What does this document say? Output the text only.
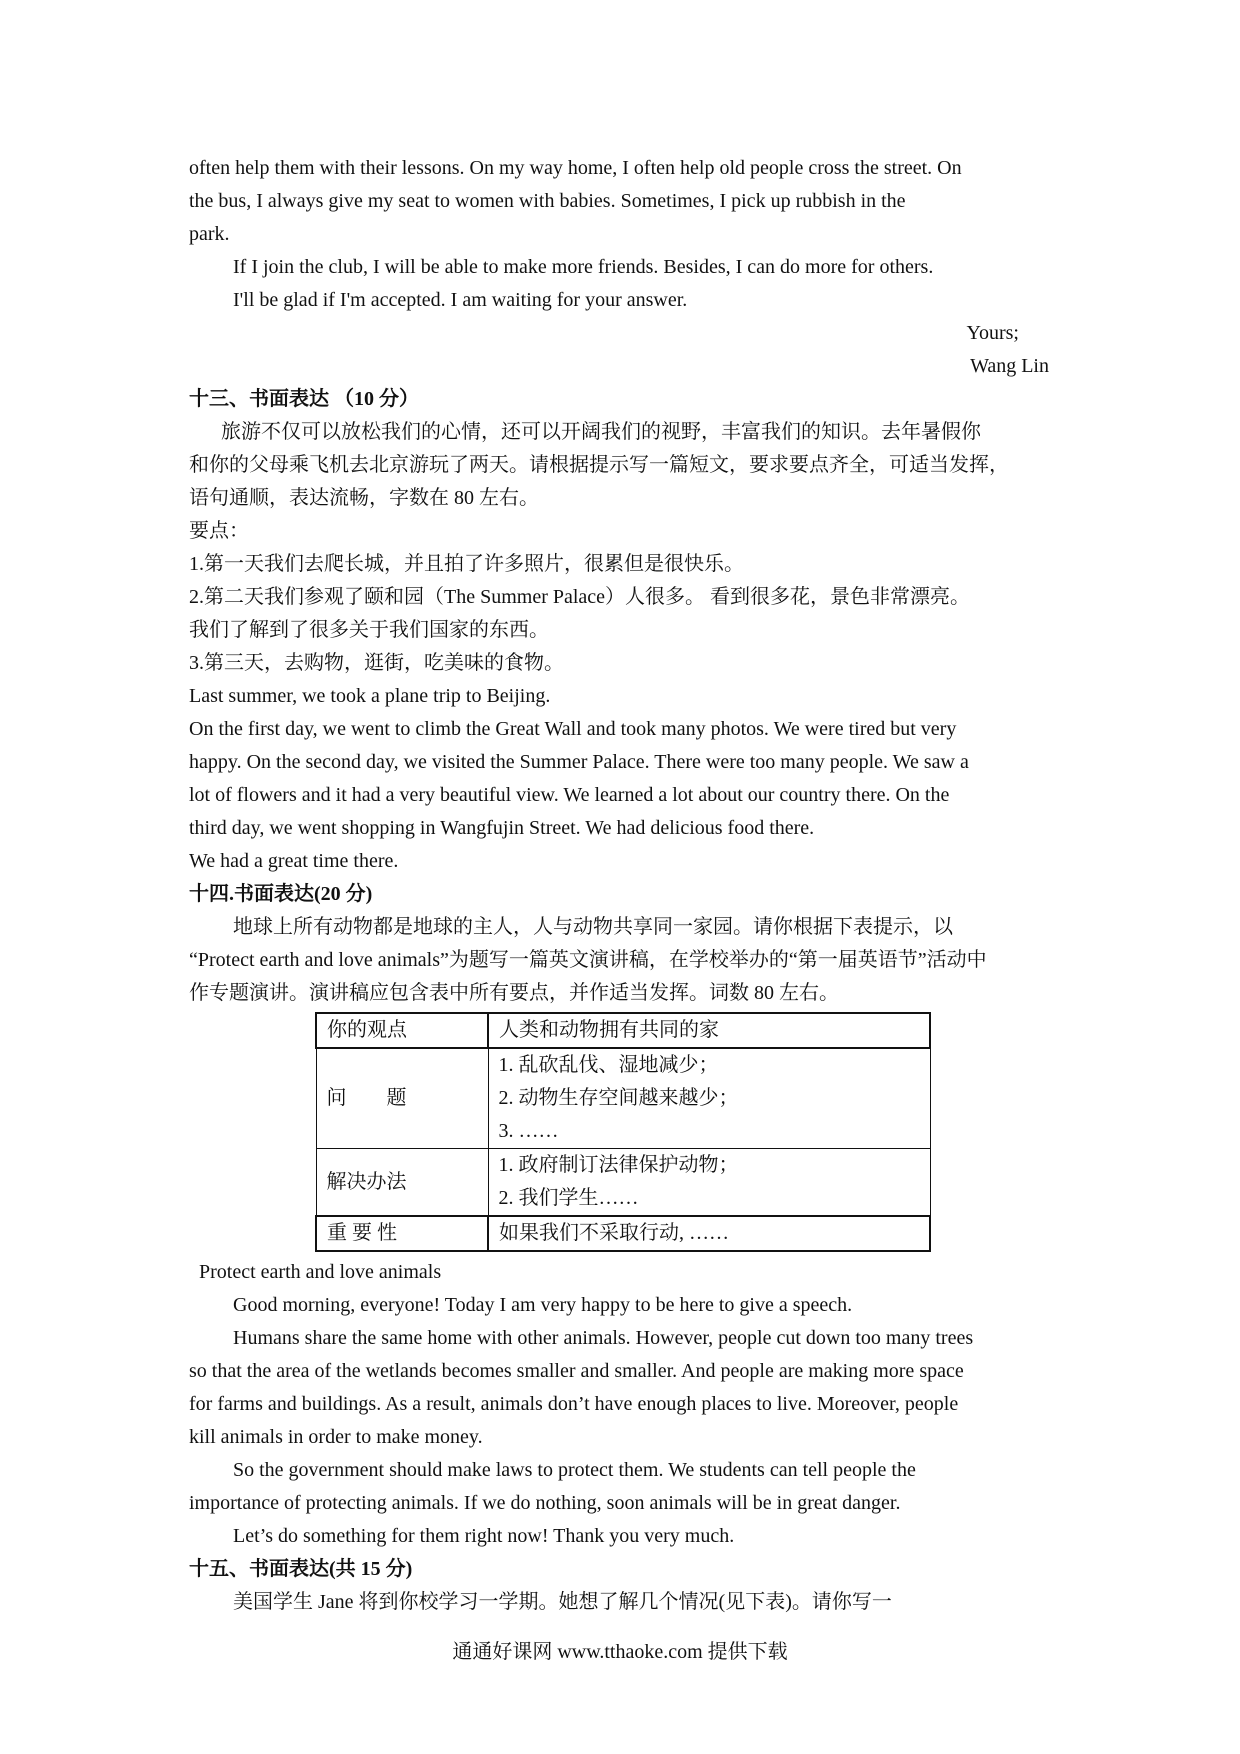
often help them with their lessons. On my way home, I often help old people cross the street. On

the bus, I always give my seat to women with babies. Sometimes, I pick up rubbish in the

park.

If I join the club, I will be able to make more friends. Besides, I can do more for others.

I'll be glad if I'm accepted. I am waiting for your answer.

Yours;

Wang Lin

十三、书面表达 （10 分）

旅游不仅可以放松我们的心情，还可以开阔我们的视野，丰富我们的知识。去年暑假你

和你的父母乘飞机去北京游玩了两天。请根据提示写一篇短文，要求要点齐全，可适当发挥，

语句通顺，表达流畅，字数在 80 左右。

要点：

1.第一天我们去爬长城，并且拍了许多照片，很累但是很快乐。

2.第二天我们参观了颐和园（The Summer Palace）人很多。 看到很多花，景色非常漂亮。

我们了解到了很多关于我们国家的东西。

3.第三天，去购物，逛街，吃美味的食物。

Last summer, we took a plane trip to Beijing.

On the first day, we went to climb the Great Wall and took many photos. We were tired but very

happy. On the second day, we visited the Summer Palace. There were too many people. We saw a

lot of flowers and it had a very beautiful view. We learned a lot about our country there. On the

third day, we went shopping in Wangfujin Street. We had delicious food there.

We had a great time there.

十四.书面表达(20 分)

地球上所有动物都是地球的主人，人与动物共享同一家园。请你根据下表提示，以

“Protect earth and love animals”为题写一篇英文演讲稿，在学校举办的“第一届英语节”活动中

作专题演讲。演讲稿应包含表中所有要点，并作适当发挥。词数 80 左右。

你的观点	人类和动物拥有共同的家
问　　题	1. 乱砍乱伐、湿地减少；
2. 动物生存空间越来越少；
3. ……

解决办法	1. 政府制订法律保护动物；
2. 我们学生……

重 要 性	如果我们不采取行动, ……

Protect earth and love animals

Good morning, everyone! Today I am very happy to be here to give a speech.

Humans share the same home with other animals. However, people cut down too many trees

so that the area of the wetlands becomes smaller and smaller. And people are making more space

for farms and buildings. As a result, animals don’t have enough places to live. Moreover, people

kill animals in order to make money.

So the government should make laws to protect them. We students can tell people the

importance of protecting animals. If we do nothing, soon animals will be in great danger.

Let’s do something for them right now! Thank you very much.

十五、书面表达(共 15 分)

美国学生 Jane 将到你校学习一学期。她想了解几个情况(见下表)。请你写一

通通好课网 www.tthaoke.com 提供下载
